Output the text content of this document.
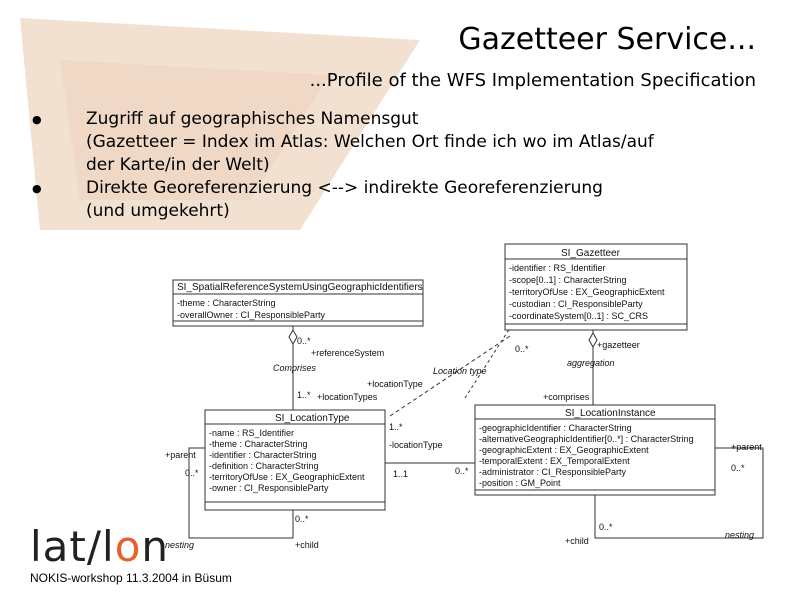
Gazetteer Service...
...Profile of the WFS Implementation Specification
●	Zugriff auf geographisches Namensgut
(Gazetteer = Index im Atlas: Welchen Ort finde ich wo im Atlas/auf
der Karte/in der Welt)
●	Direkte Georeferenzierung <--> indirekte Georeferenzierung
(und umgekehrt)
SI_Gazetteer
-identifier : RS_Identifier
-scope[0..1] : CharacterString
-territoryOfUse : EX_GeographicExtent
-custodian : CI_ResponsibleParty
-coordinateSystem[0..1] : SC_CRS
SI_SpatialReferenceSystemUsingGeographicIdentifiers
-theme : CharacterString
-overallOwner : CI_ResponsibleParty
SI_LocationType
-name : RS_Identifier
-theme : CharacterString
-identifier : CharacterString
-definition : CharacterString
-territoryOfUse : EX_GeographicExtent
-owner : CI_ResponsibleParty
SI_LocationInstance
-geographicIdentifier : CharacterString
-alternativeGeographicIdentifier[0..*] : CharacterString
-geographicExtent : EX_GeographicExtent
-temporalExtent : EX_TemporalExtent
-administrator : CI_ResponsibleParty
-position : GM_Point
0..*
+referenceSystem
Comprises
1..* +locationTypes
Location type
+locationType
0..*	+gazetteer
aggregation
+comprises
1..*
-locationType
1..1	0..*
+parent
0..*
+parent
0..*
0..*
+child
nesting
0..*
+child
nesting
lat/lon
NOKIS-workshop 11.3.2004 in Büsum
